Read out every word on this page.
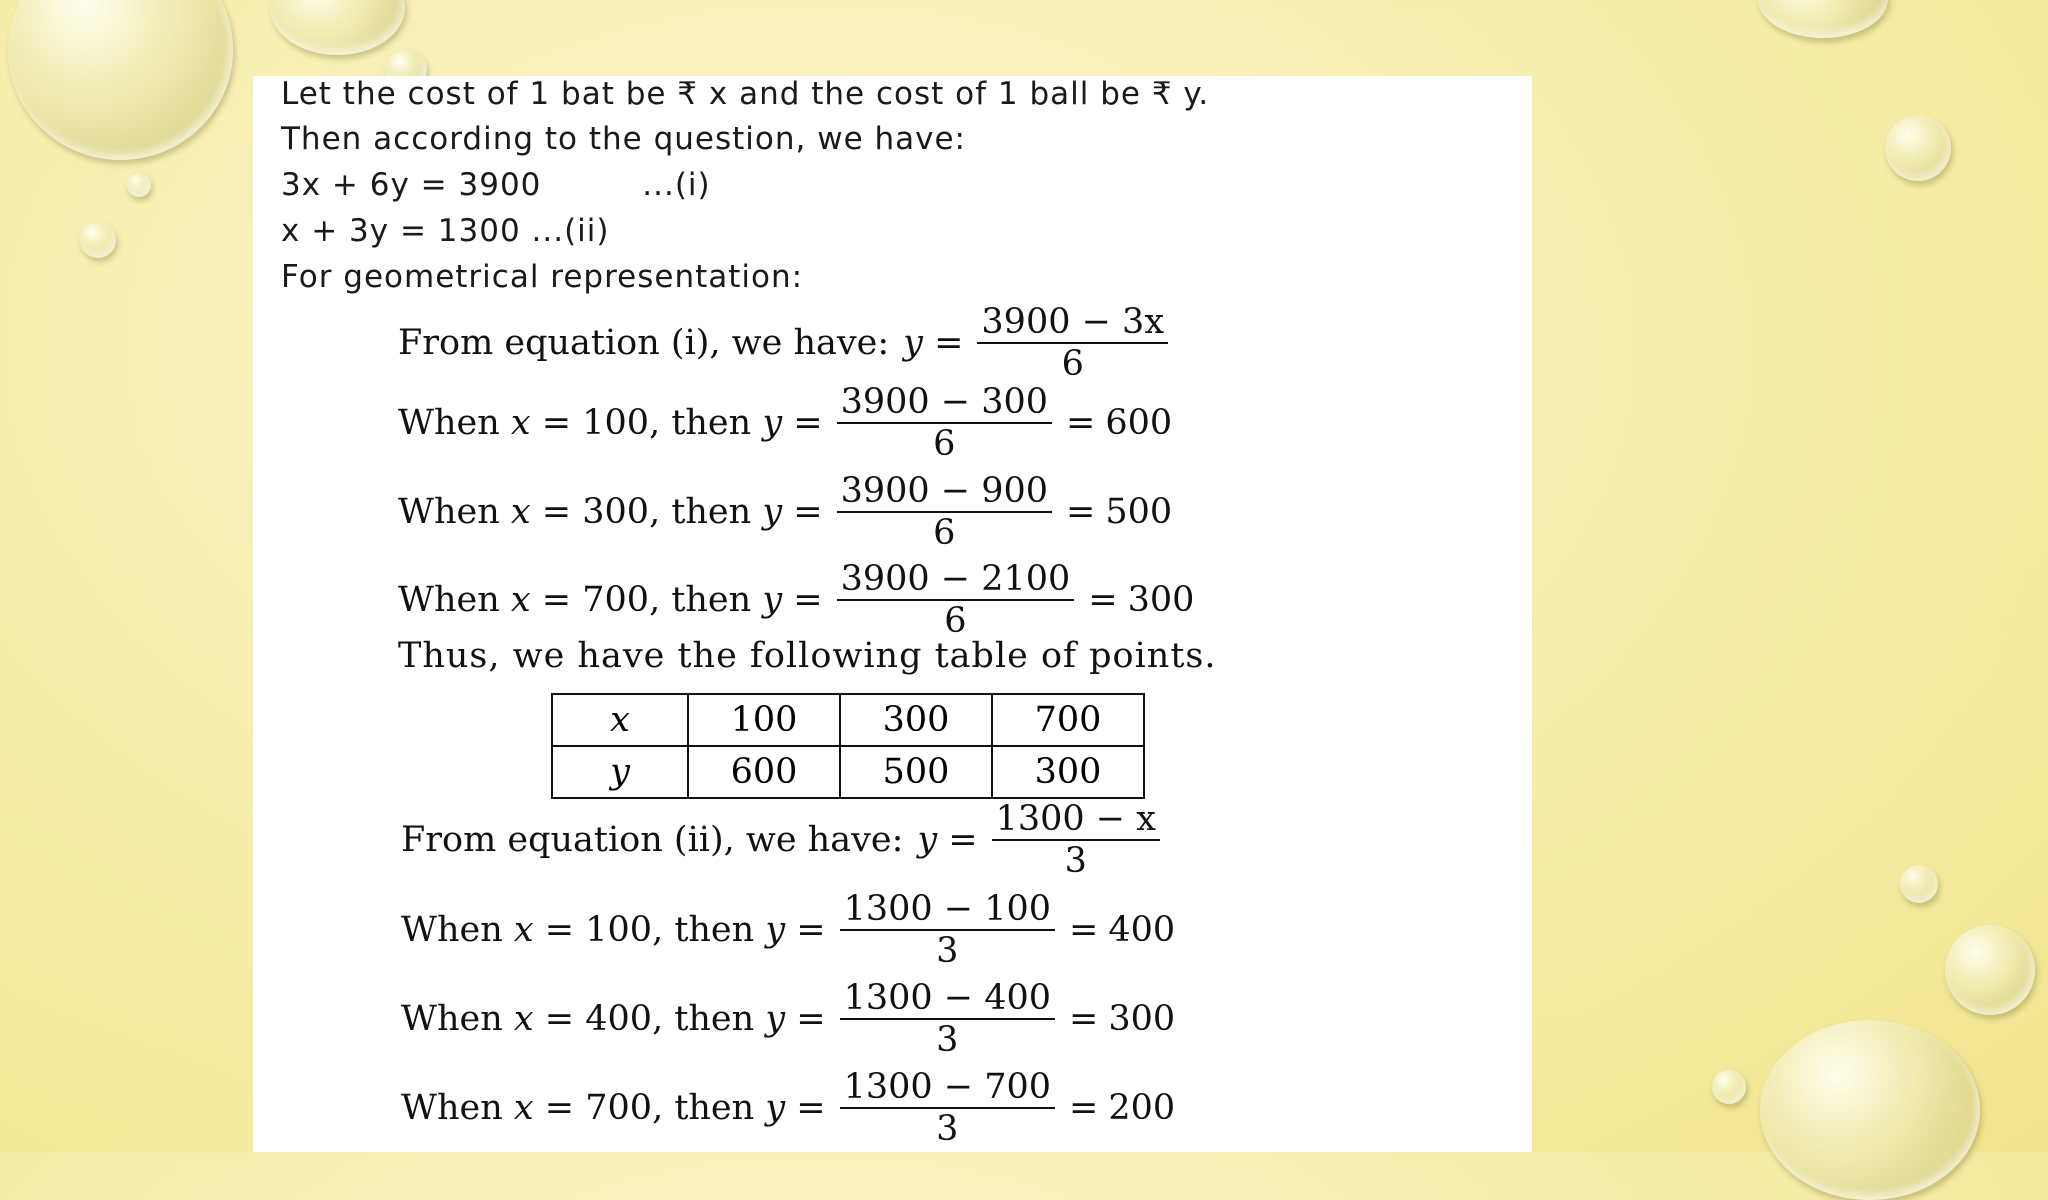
Let the cost of 1 bat be ₹ x and the cost of 1 ball be ₹ y.
Then according to the question, we have:
3x + 6y = 3900	...(i)
x + 3y = 1300 ...(ii)
For geometrical representation:
From equation (i), we have: $y = \frac{3900 - 3x}{6}$
When
x = 100 , then
$y = \frac{3900 - 300}{6} = 600$
When
x = 300 , then
$y = \frac{3900 - 900}{6} = 500$
When
x = 700 , then
$y = \frac{3900 - 2100}{6} = 300$
Thus, we have the following table of points.
x	100	300	700
y	600	500	300
From equation (ii), we have: $y = \frac{1300 - x}{3}$
When
x = 100 , then
$y = \frac{1300 - 100}{3} = 400$
When
x = 400 , then
$y = \frac{1300 - 400}{3} = 300$
When
x = 700 , then
$y = \frac{1300 - 700}{3} = 200$
